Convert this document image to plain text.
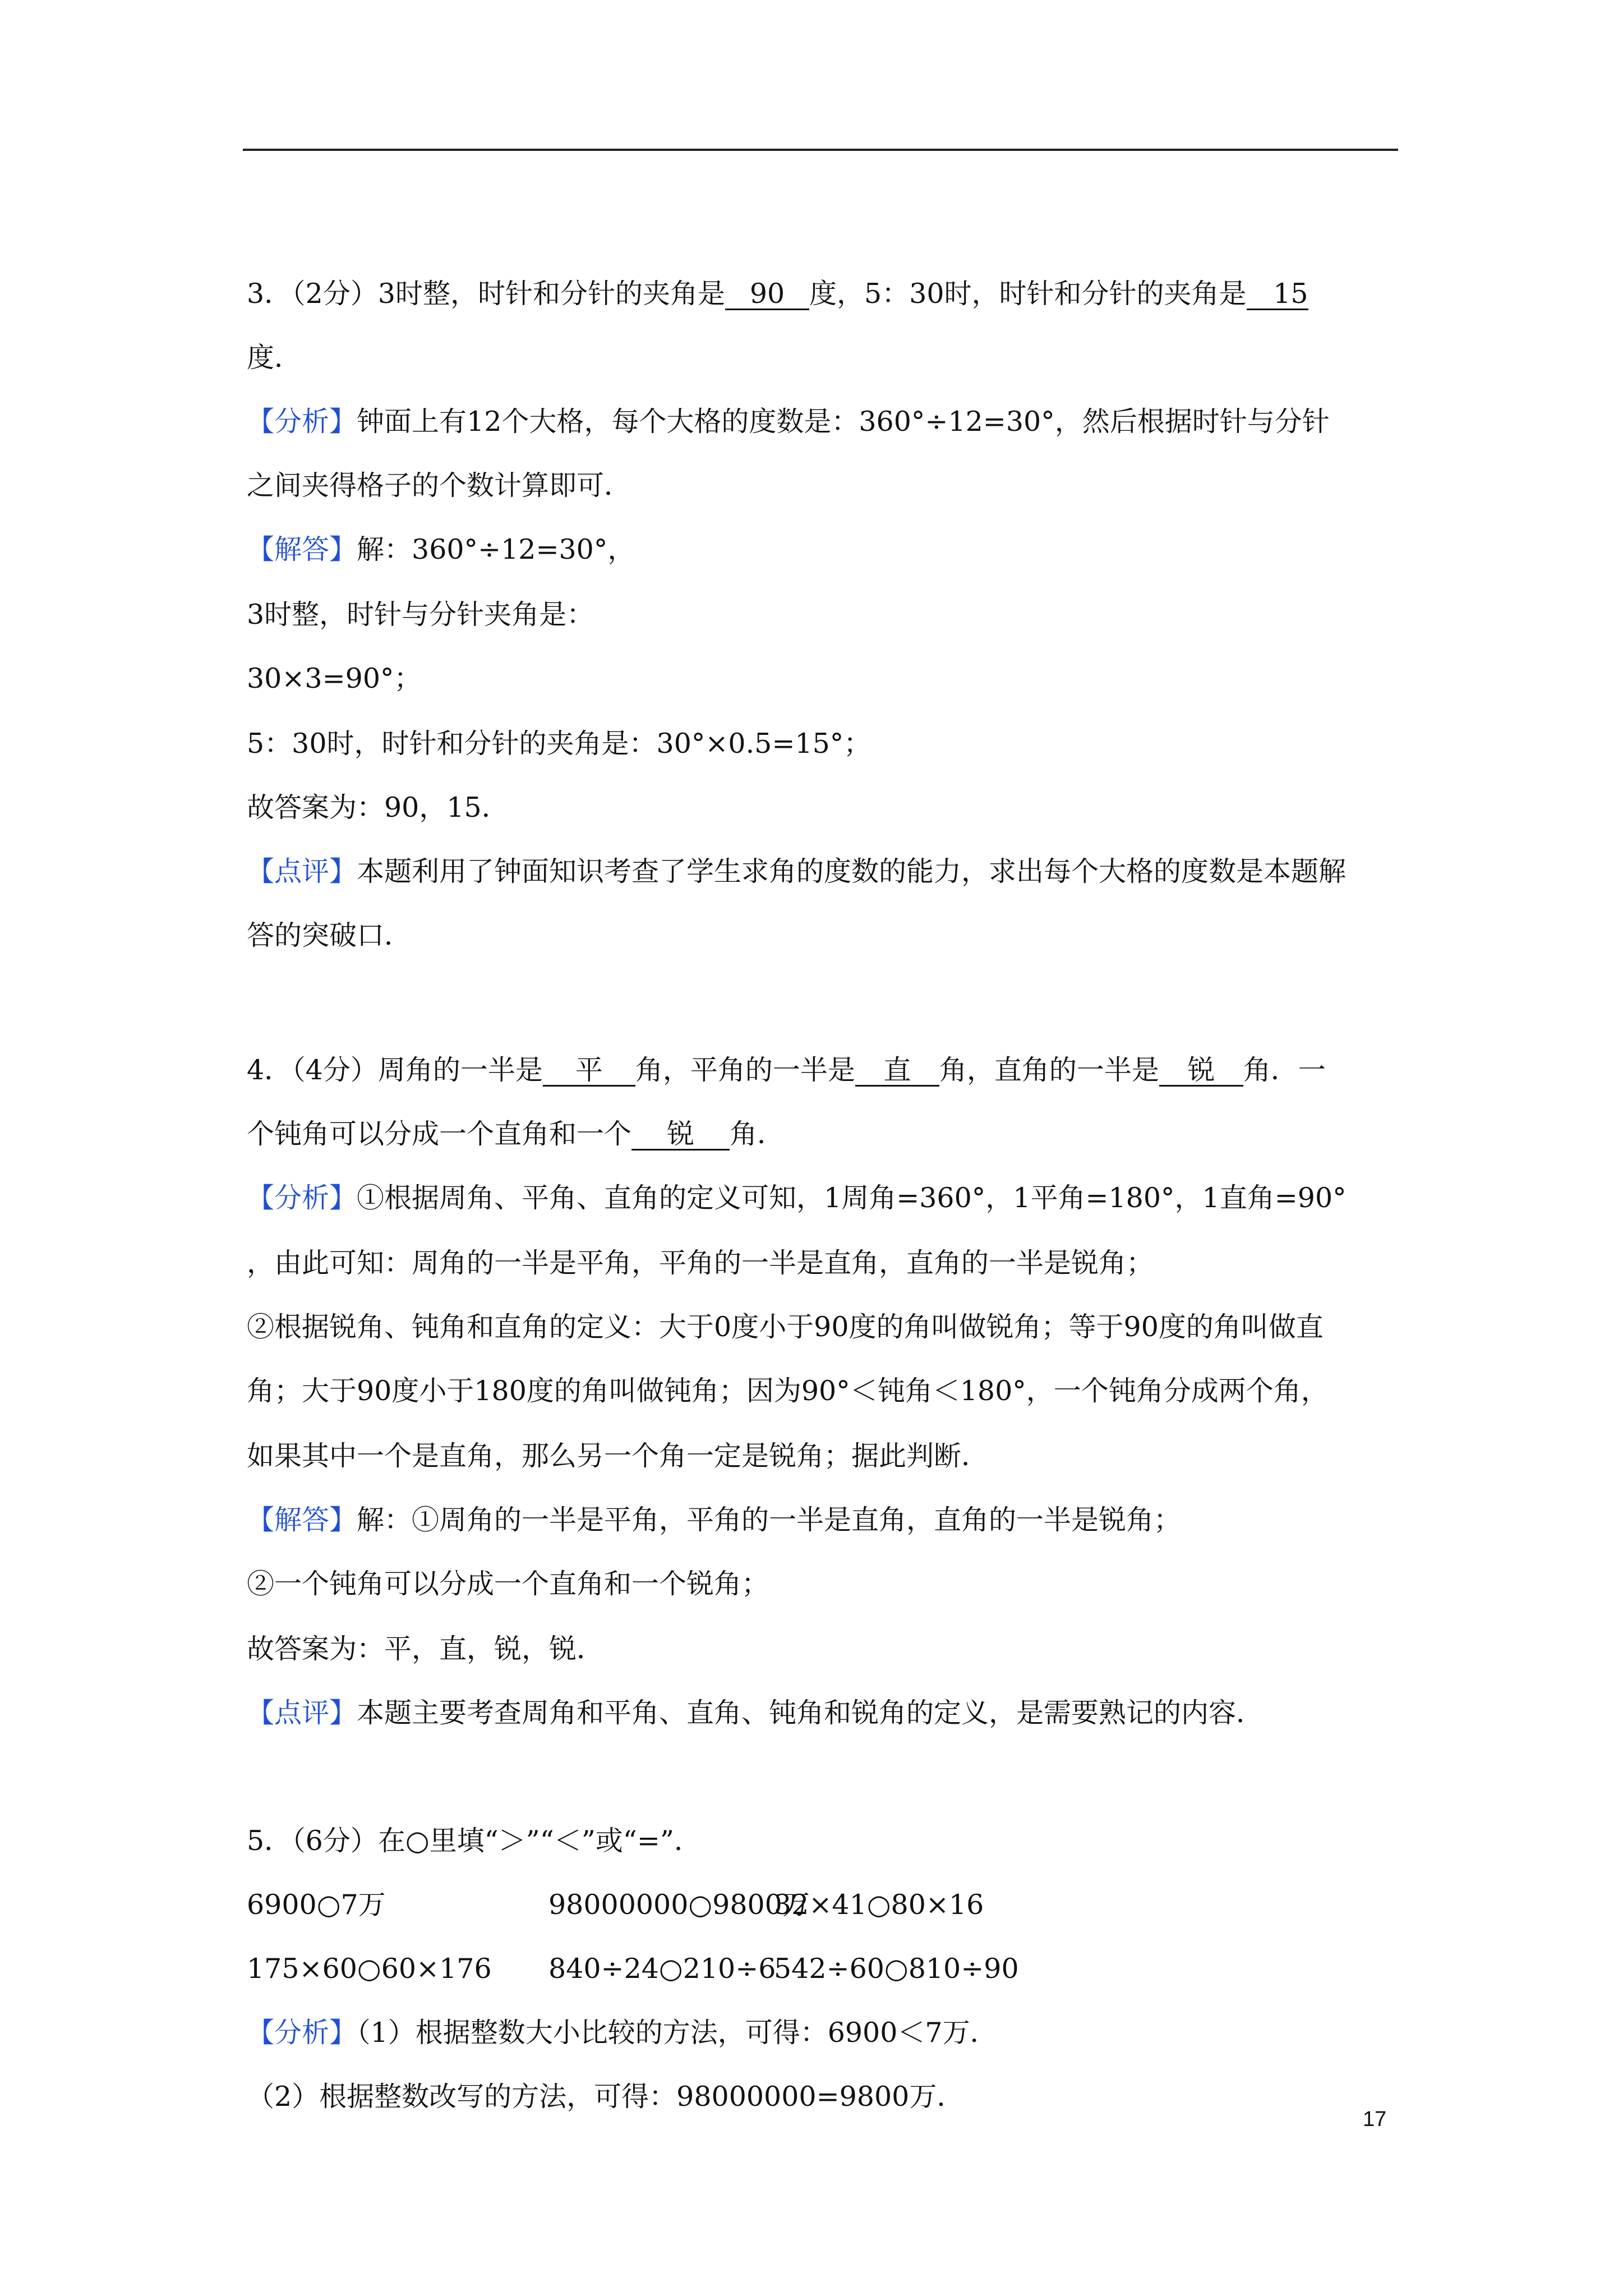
3．（2分）3时整，时针和分针的夹角是 90 度，5：30时，时针和分针的夹角是 15
度．
【分析】钟面上有12个大格，每个大格的度数是：360°÷12=30°，然后根据时针与分针
之间夹得格子的个数计算即可．
【解答】解：360°÷12=30°，
3时整，时针与分针夹角是：
30×3=90°；
5：30时，时针和分针的夹角是：30°×0.5=15°；
故答案为：90，15．
【点评】本题利用了钟面知识考查了学生求角的度数的能力，求出每个大格的度数是本题解
答的突破口．
4．（4分）周角的一半是 平 角，平角的一半是 直 角，直角的一半是 锐 角．一
个钝角可以分成一个直角和一个 锐 角．
【分析】①根据周角、平角、直角的定义可知，1周角=360°，1平角=180°，1直角=90°
，由此可知：周角的一半是平角，平角的一半是直角，直角的一半是锐角；
②根据锐角、钝角和直角的定义：大于0度小于90度的角叫做锐角；等于90度的角叫做直
角；大于90度小于180度的角叫做钝角；因为90°＜钝角＜180°，一个钝角分成两个角，
如果其中一个是直角，那么另一个角一定是锐角；据此判断．
【解答】解：①周角的一半是平角，平角的一半是直角，直角的一半是锐角；
②一个钝角可以分成一个直角和一个锐角；
故答案为：平，直，锐，锐．
【点评】本题主要考查周角和平角、直角、钝角和锐角的定义，是需要熟记的内容．
5．（6分）在○里填“＞”“＜”或“=”．
6900○7万	98000000○9800万
32×41○80×16
175×60○60×176 840÷24○210÷6
542÷60○810÷90
【分析】（1）根据整数大小比较的方法，可得：6900＜7万．
（2）根据整数改写的方法，可得：98000000=9800万．
17
